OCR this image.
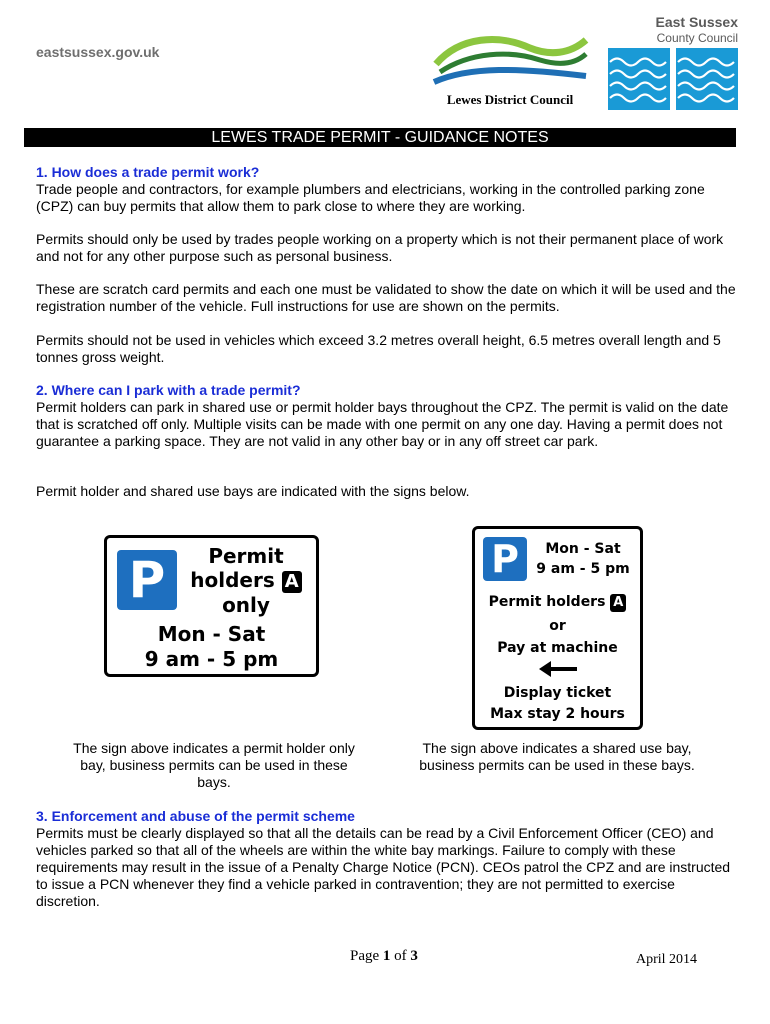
eastsussex.gov.uk
Lewes District Council
East Sussex
County Council
LEWES TRADE PERMIT - GUIDANCE NOTES
1. How does a trade permit work?
Trade people and contractors, for example plumbers and electricians, working in the controlled parking zone (CPZ) can buy permits that allow them to park close to where they are working.
Permits should only be used by trades people working on a property which is not their permanent place of work and not for any other purpose such as personal business.
These are scratch card permits and each one must be validated to show the date on which it will be used and the registration number of the vehicle. Full instructions for use are shown on the permits.
Permits should not be used in vehicles which exceed 3.2 metres overall height, 6.5 metres overall length and 5 tonnes gross weight.
2. Where can I park with a trade permit?
Permit holders can park in shared use or permit holder bays throughout the CPZ. The permit is valid on the date that is scratched off only. Multiple visits can be made with one permit on any one day. Having a permit does not guarantee a parking space. They are not valid in any other bay or in any off street car park.
Permit holder and shared use bays are indicated with the signs below.
P	Permit
holders A
only
Mon - Sat
9 am - 5 pm
The sign above indicates a permit holder only bay, business permits can be used in these bays.
P	Mon - Sat
9 am - 5 pm
Permit holders A
or
Pay at machine
Display ticket
Max stay 2 hours
The sign above indicates a shared use bay, business permits can be used in these bays.
3. Enforcement and abuse of the permit scheme
Permits must be clearly displayed so that all the details can be read by a Civil Enforcement Officer (CEO) and vehicles parked so that all of the wheels are within the white bay markings. Failure to comply with these requirements may result in the issue of a Penalty Charge Notice (PCN). CEOs patrol the CPZ and are instructed to issue a PCN whenever they find a vehicle parked in contravention; they are not permitted to exercise discretion.
Page 1 of 3	April 2014
